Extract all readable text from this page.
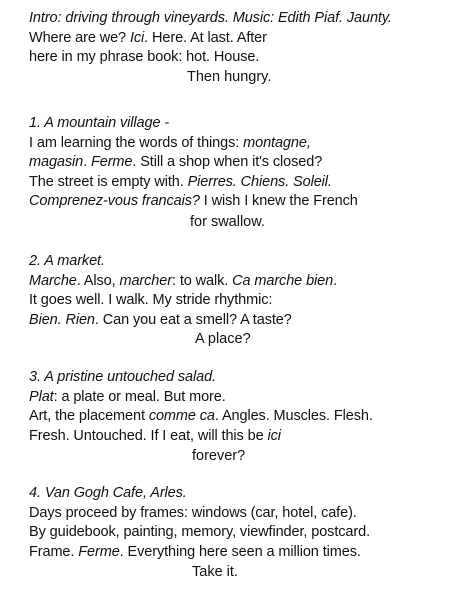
Intro: driving through vineyards. Music: Edith Piaf. Jaunty.
Where are we? Ici. Here. At last. After
here in my phrase book: hot. House.
Then hungry.
1. A mountain village -
I am learning the words of things: montagne,
magasin. Ferme. Still a shop when it's closed?
The street is empty with. Pierres. Chiens. Soleil.
Comprenez-vous francais? I wish I knew the French
for swallow.
2. A market.
Marche. Also, marcher: to walk. Ca marche bien.
It goes well. I walk. My stride rhythmic:
Bien. Rien. Can you eat a smell? A taste?
A place?
3. A pristine untouched salad.
Plat: a plate or meal. But more.
Art, the placement comme ca. Angles. Muscles. Flesh.
Fresh. Untouched. If I eat, will this be ici
forever?
4. Van Gogh Cafe, Arles.
Days proceed by frames: windows (car, hotel, cafe).
By guidebook, painting, memory, viewfinder, postcard.
Frame. Ferme. Everything here seen a million times.
Take it.
